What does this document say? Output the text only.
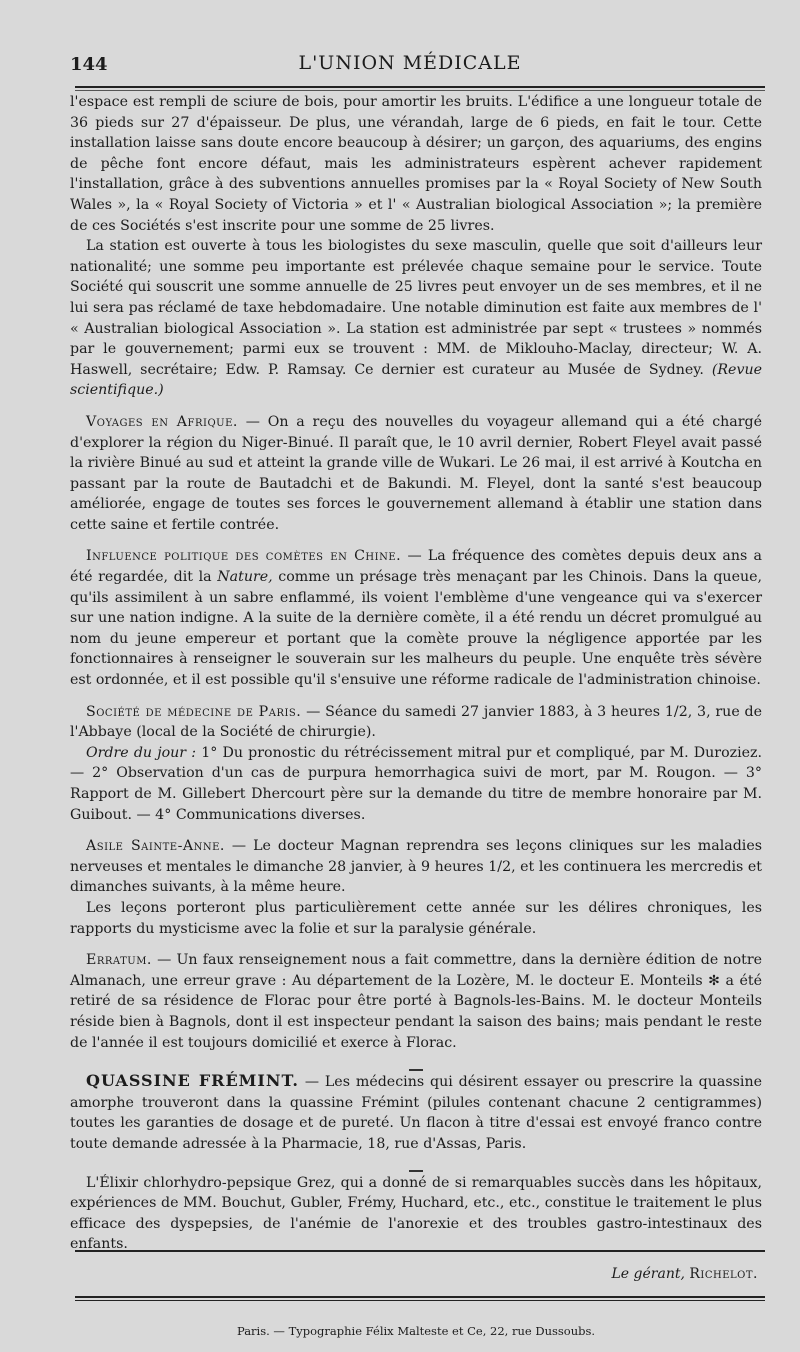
144	L'UNION MÉDICALE

l'espace est rempli de sciure de bois, pour amortir les bruits. L'édifice a une longueur totale de 36 pieds sur 27 d'épaisseur. De plus, une vérandah, large de 6 pieds, en fait le tour. Cette installation laisse sans doute encore beaucoup à désirer; un garçon, des aquariums, des engins de pêche font encore défaut, mais les administrateurs espèrent achever rapidement l'installation, grâce à des subventions annuelles promises par la « Royal Society of New South Wales », la « Royal Society of Victoria » et l' « Australian biological Association »; la première de ces Sociétés s'est inscrite pour une somme de 25 livres.

La station est ouverte à tous les biologistes du sexe masculin, quelle que soit d'ailleurs leur nationalité; une somme peu importante est prélevée chaque semaine pour le service. Toute Société qui souscrit une somme annuelle de 25 livres peut envoyer un de ses membres, et il ne lui sera pas réclamé de taxe hebdomadaire. Une notable diminution est faite aux membres de l' « Australian biological Association ». La station est administrée par sept « trustees » nommés par le gouvernement; parmi eux se trouvent : MM. de Miklouho-Maclay, directeur; W. A. Haswell, secrétaire; Edw. P. Ramsay. Ce dernier est curateur au Musée de Sydney. (Revue scientifique.)

Voyages en Afrique. — On a reçu des nouvelles du voyageur allemand qui a été chargé d'explorer la région du Niger-Binué. Il paraît que, le 10 avril dernier, Robert Fleyel avait passé la rivière Binué au sud et atteint la grande ville de Wukari. Le 26 mai, il est arrivé à Koutcha en passant par la route de Bautadchi et de Bakundi. M. Fleyel, dont la santé s'est beaucoup améliorée, engage de toutes ses forces le gouvernement allemand à établir une station dans cette saine et fertile contrée.

Influence politique des comètes en Chine. — La fréquence des comètes depuis deux ans a été regardée, dit la Nature, comme un présage très menaçant par les Chinois. Dans la queue, qu'ils assimilent à un sabre enflammé, ils voient l'emblème d'une vengeance qui va s'exercer sur une nation indigne. A la suite de la dernière comète, il a été rendu un décret promulgué au nom du jeune empereur et portant que la comète prouve la négligence apportée par les fonctionnaires à renseigner le souverain sur les malheurs du peuple. Une enquête très sévère est ordonnée, et il est possible qu'il s'ensuive une réforme radicale de l'administration chinoise.

Société de médecine de Paris. — Séance du samedi 27 janvier 1883, à 3 heures 1/2, 3, rue de l'Abbaye (local de la Société de chirurgie).

Ordre du jour : 1° Du pronostic du rétrécissement mitral pur et compliqué, par M. Duroziez. — 2° Observation d'un cas de purpura hemorrhagica suivi de mort, par M. Rougon. — 3° Rapport de M. Gillebert Dhercourt père sur la demande du titre de membre honoraire par M. Guibout. — 4° Communications diverses.

Asile Sainte-Anne. — Le docteur Magnan reprendra ses leçons cliniques sur les maladies nerveuses et mentales le dimanche 28 janvier, à 9 heures 1/2, et les continuera les mercredis et dimanches suivants, à la même heure.

Les leçons porteront plus particulièrement cette année sur les délires chroniques, les rapports du mysticisme avec la folie et sur la paralysie générale.

Erratum. — Un faux renseignement nous a fait commettre, dans la dernière édition de notre Almanach, une erreur grave : Au département de la Lozère, M. le docteur E. Monteils ✻ a été retiré de sa résidence de Florac pour être porté à Bagnols-les-Bains. M. le docteur Monteils réside bien à Bagnols, dont il est inspecteur pendant la saison des bains; mais pendant le reste de l'année il est toujours domicilié et exerce à Florac.

QUASSINE FRÉMINT. — Les médecins qui désirent essayer ou prescrire la quassine amorphe trouveront dans la quassine Frémint (pilules contenant chacune 2 centigrammes) toutes les garanties de dosage et de pureté. Un flacon à titre d'essai est envoyé franco contre toute demande adressée à la Pharmacie, 18, rue d'Assas, Paris.

L'Élixir chlorhydro-pepsique Grez, qui a donné de si remarquables succès dans les hôpitaux, expériences de MM. Bouchut, Gubler, Frémy, Huchard, etc., etc., constitue le traitement le plus efficace des dyspepsies, de l'anémie de l'anorexie et des troubles gastro-intestinaux des enfants.

Le gérant, Richelot.
Paris. — Typographie Félix Malteste et Ce, 22, rue Dussoubs.
